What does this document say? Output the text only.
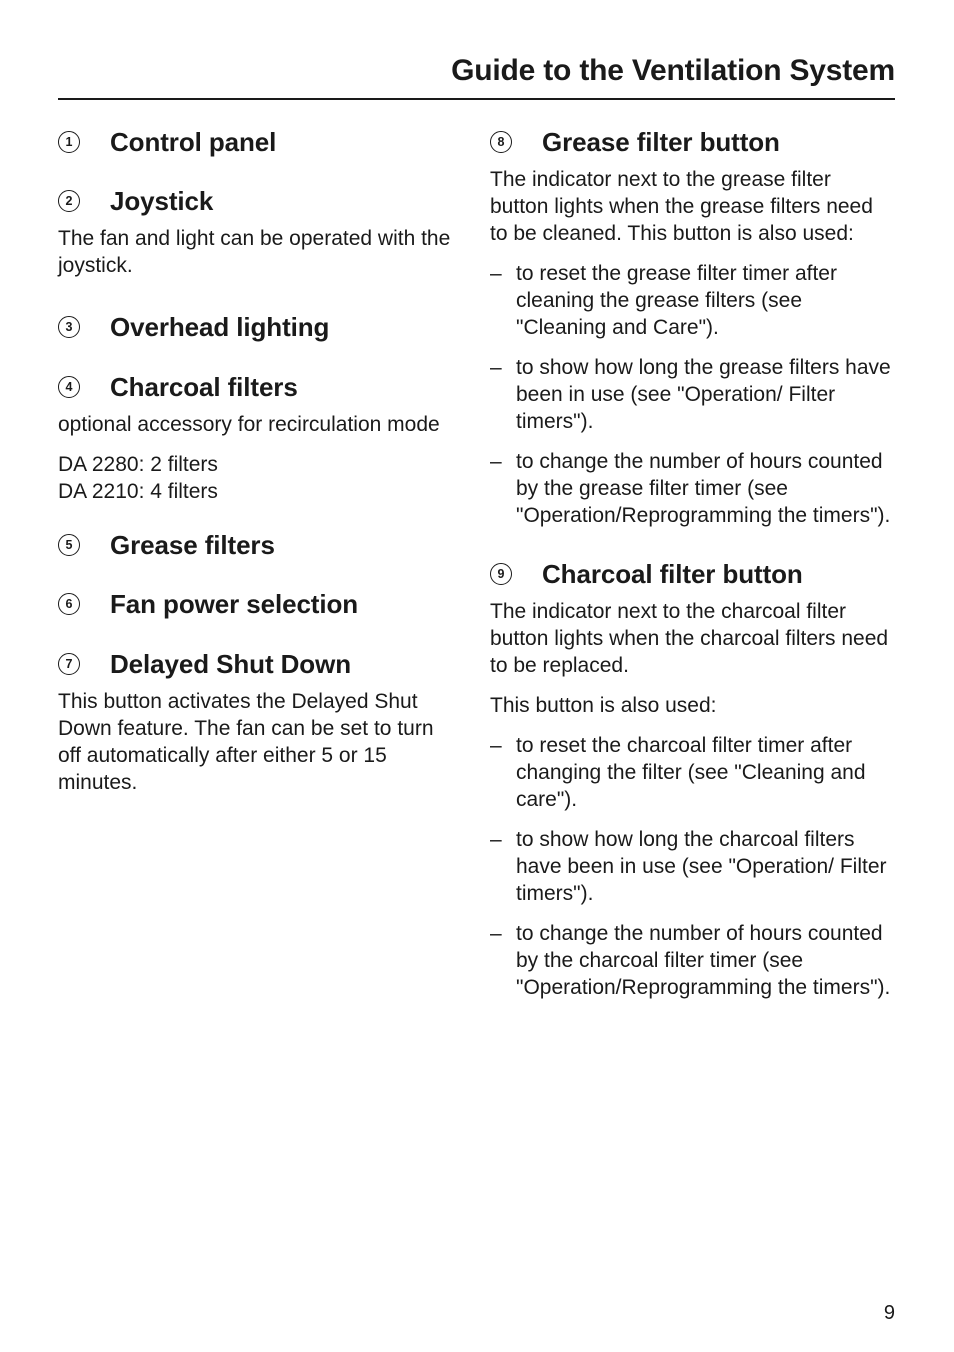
Guide to the Ventilation System
1 Control panel
2 Joystick

The fan and light can be operated with the joystick.

3 Overhead lighting
4 Charcoal filters

optional accessory for recirculation mode

DA 2280: 2 filters

DA 2210: 4 filters

5 Grease filters
6 Fan power selection
7 Delayed Shut Down

This button activates the Delayed Shut Down feature. The fan can be set to turn off automatically after either 5 or 15 minutes.

8 Grease filter button

The indicator next to the grease filter button lights when the grease filters need to be cleaned. This button is also used:

– to reset the grease filter timer after cleaning the grease filters (see "Cleaning and Care").
– to show how long the grease filters have been in use (see "Operation/ Filter timers").
– to change the number of hours counted by the grease filter timer (see "Operation/Reprogramming the timers").
9 Charcoal filter button

The indicator next to the charcoal filter button lights when the charcoal filters need to be replaced.

This button is also used:

– to reset the charcoal filter timer after changing the filter (see "Cleaning and care").
– to show how long the charcoal filters have been in use (see "Operation/ Filter timers").
– to change the number of hours counted by the charcoal filter timer (see "Operation/Reprogramming the timers").
9
